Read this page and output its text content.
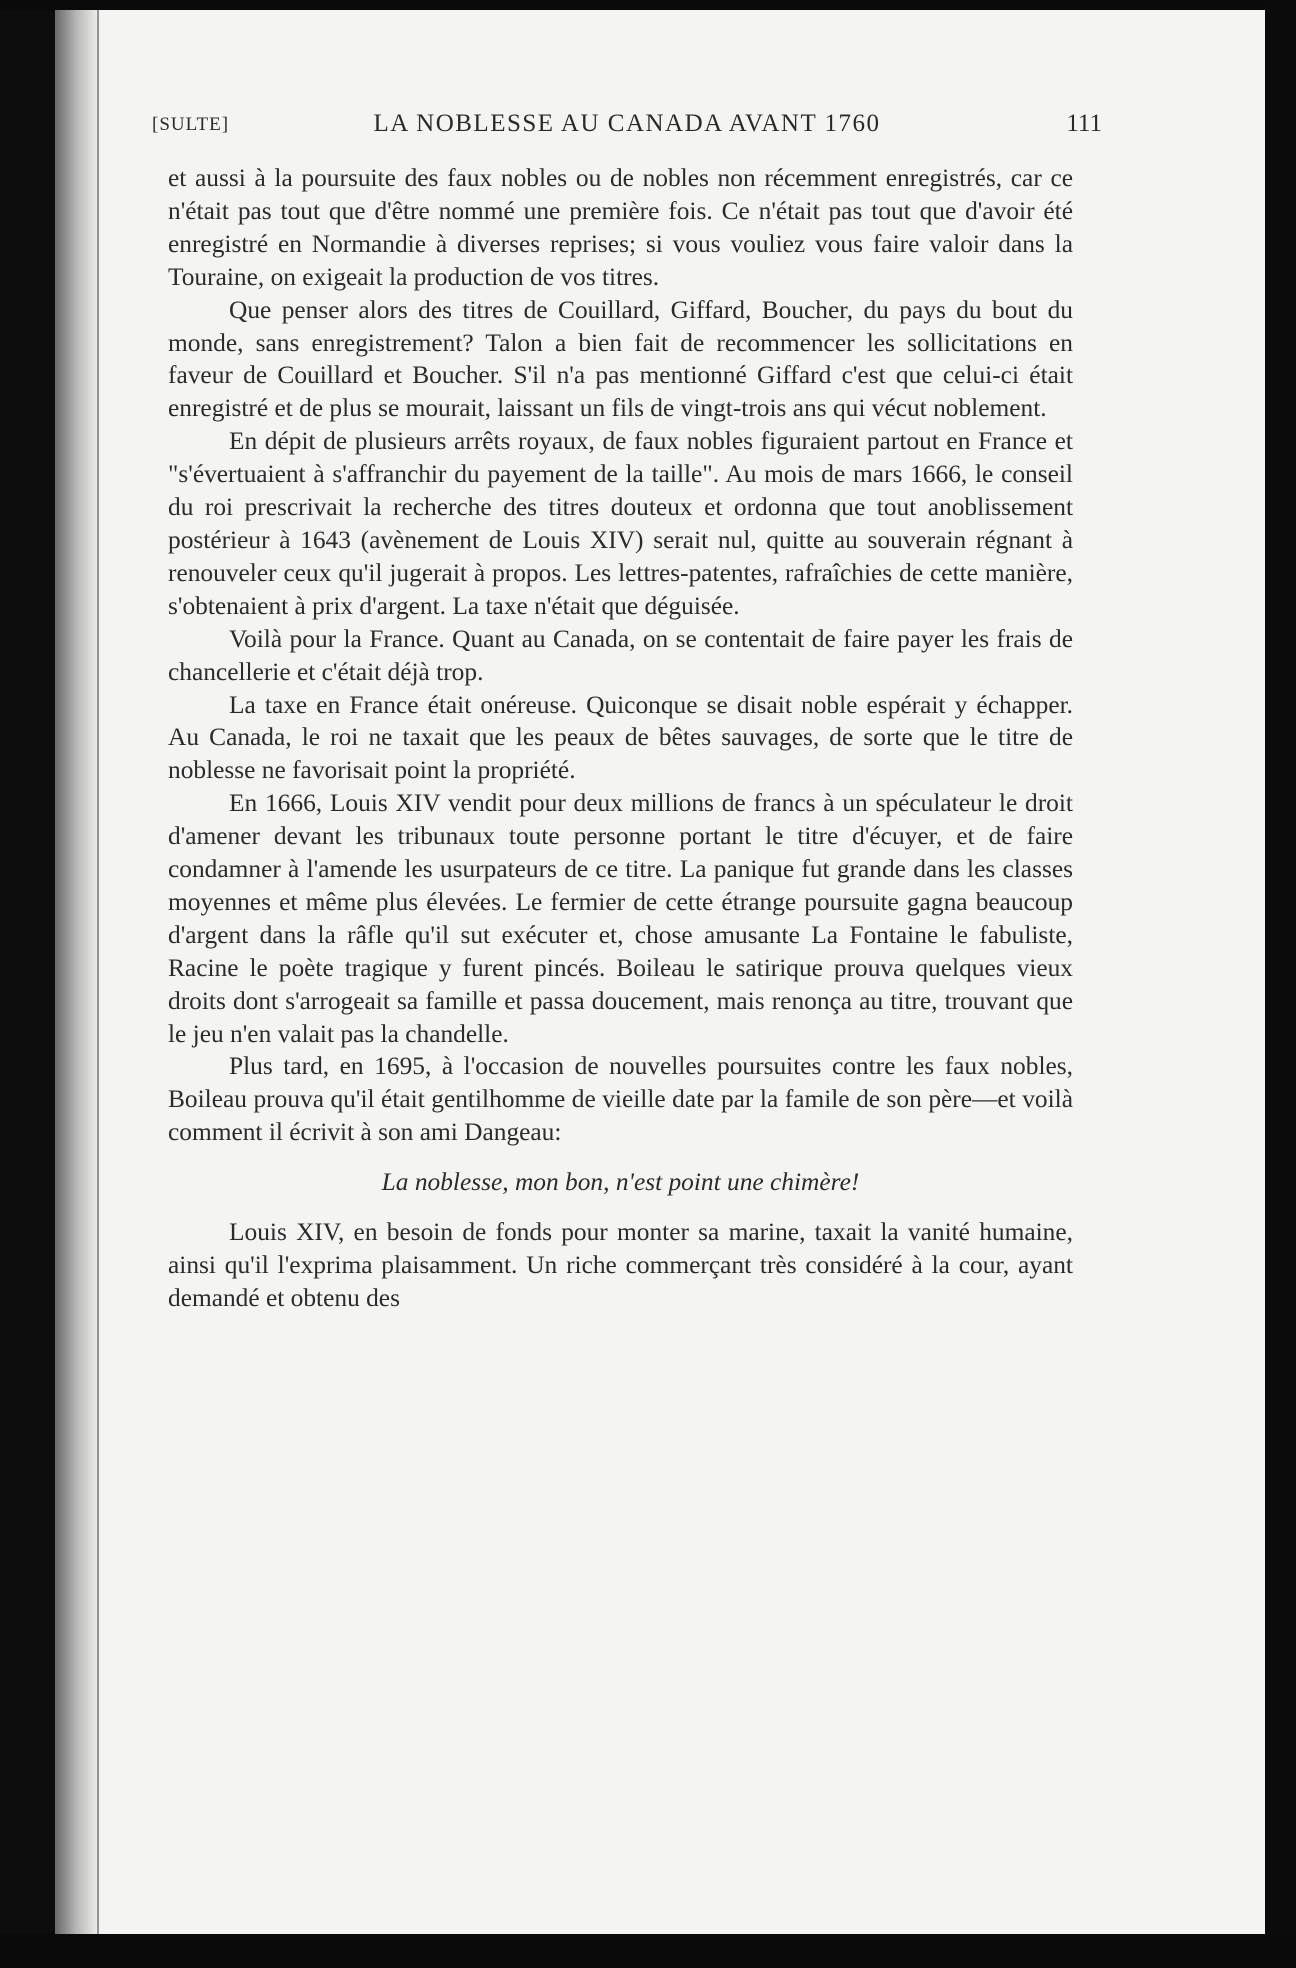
[SULTE]	LA NOBLESSE AU CANADA AVANT 1760	111

et aussi à la poursuite des faux nobles ou de nobles non récemment enregistrés, car ce n'était pas tout que d'être nommé une première fois. Ce n'était pas tout que d'avoir été enregistré en Normandie à diverses reprises; si vous vouliez vous faire valoir dans la Touraine, on exigeait la production de vos titres.

Que penser alors des titres de Couillard, Giffard, Boucher, du pays du bout du monde, sans enregistrement? Talon a bien fait de recommencer les sollicitations en faveur de Couillard et Boucher. S'il n'a pas mentionné Giffard c'est que celui-ci était enregistré et de plus se mourait, laissant un fils de vingt-trois ans qui vécut noblement.

En dépit de plusieurs arrêts royaux, de faux nobles figuraient partout en France et "s'évertuaient à s'affranchir du payement de la taille". Au mois de mars 1666, le conseil du roi prescrivait la recherche des titres douteux et ordonna que tout anoblissement postérieur à 1643 (avènement de Louis XIV) serait nul, quitte au souverain régnant à renouveler ceux qu'il jugerait à propos. Les lettres-patentes, rafraîchies de cette manière, s'obtenaient à prix d'argent. La taxe n'était que déguisée.

Voilà pour la France. Quant au Canada, on se contentait de faire payer les frais de chancellerie et c'était déjà trop.

La taxe en France était onéreuse. Quiconque se disait noble espérait y échapper. Au Canada, le roi ne taxait que les peaux de bêtes sauvages, de sorte que le titre de noblesse ne favorisait point la propriété.

En 1666, Louis XIV vendit pour deux millions de francs à un spéculateur le droit d'amener devant les tribunaux toute personne portant le titre d'écuyer, et de faire condamner à l'amende les usurpateurs de ce titre. La panique fut grande dans les classes moyennes et même plus élevées. Le fermier de cette étrange poursuite gagna beaucoup d'argent dans la râfle qu'il sut exécuter et, chose amusante La Fontaine le fabuliste, Racine le poète tragique y furent pincés. Boileau le satirique prouva quelques vieux droits dont s'arrogeait sa famille et passa doucement, mais renonça au titre, trouvant que le jeu n'en valait pas la chandelle.

Plus tard, en 1695, à l'occasion de nouvelles poursuites contre les faux nobles, Boileau prouva qu'il était gentilhomme de vieille date par la famile de son père—et voilà comment il écrivit à son ami Dangeau:

La noblesse, mon bon, n'est point une chimère!

Louis XIV, en besoin de fonds pour monter sa marine, taxait la vanité humaine, ainsi qu'il l'exprima plaisamment. Un riche commerçant très considéré à la cour, ayant demandé et obtenu des
